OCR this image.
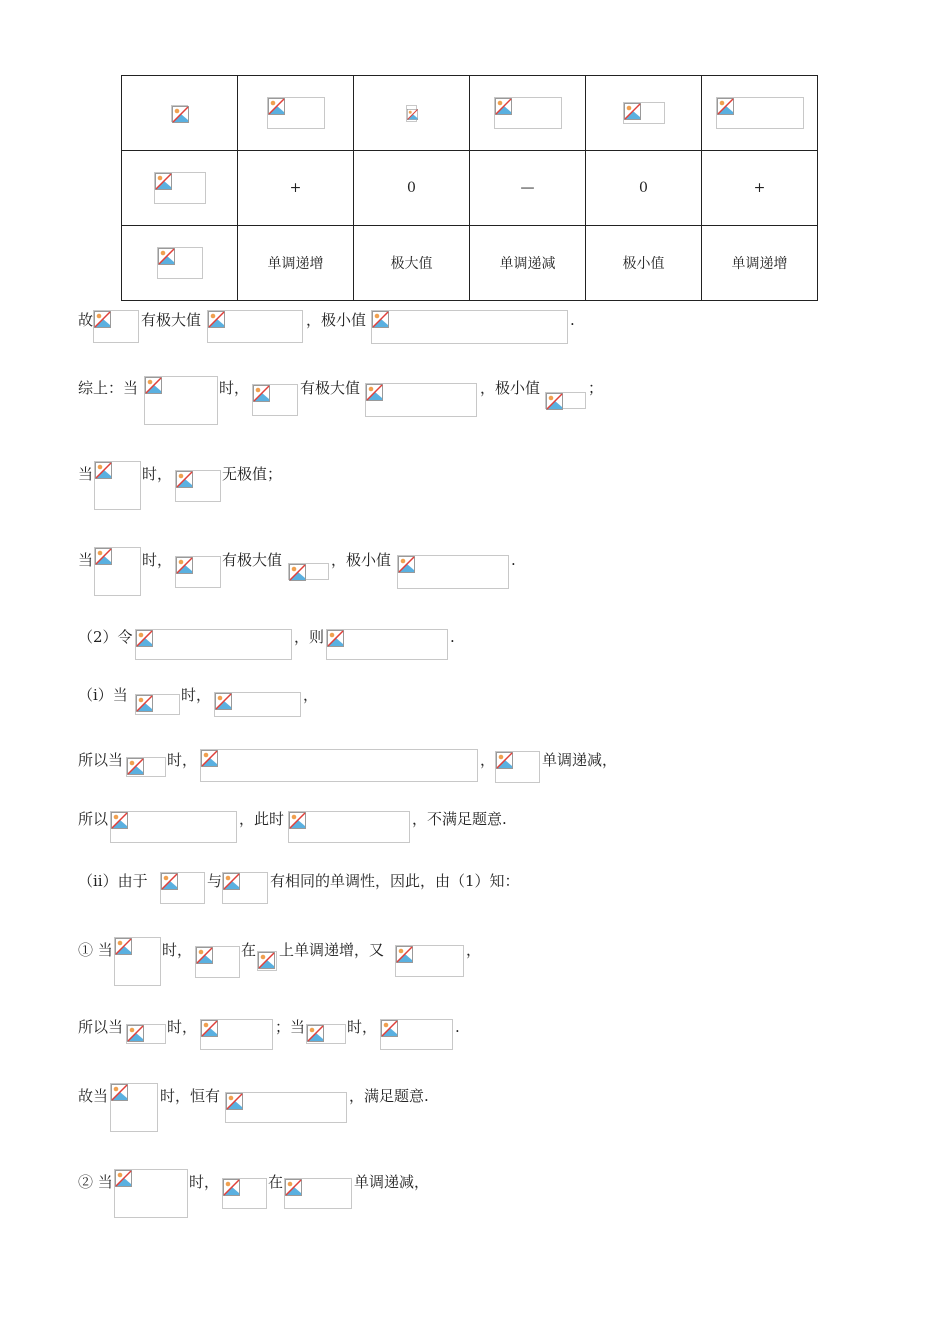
	+	0	—	0	+

	单调递增	极大值	单调递减	极小值	单调递增
故	有极大值	，极小值	.
综上：当	时，	有极大值	，极小值	；
当	时，	无极值；
当	时，	有极大值	，极小值	.
（2）令	，则	.
（i）当	时，	，
所以当	时，	，	单调递减，
所以	，此时	，不满足题意.
（ii）由于	与	有相同的单调性，因此，由（1）知：
① 当	时，	在 上单调递增，又	，
所以当	时，	；当	时，	.
故当	时，恒有	，满足题意.
② 当	时，	在	单调递减，
